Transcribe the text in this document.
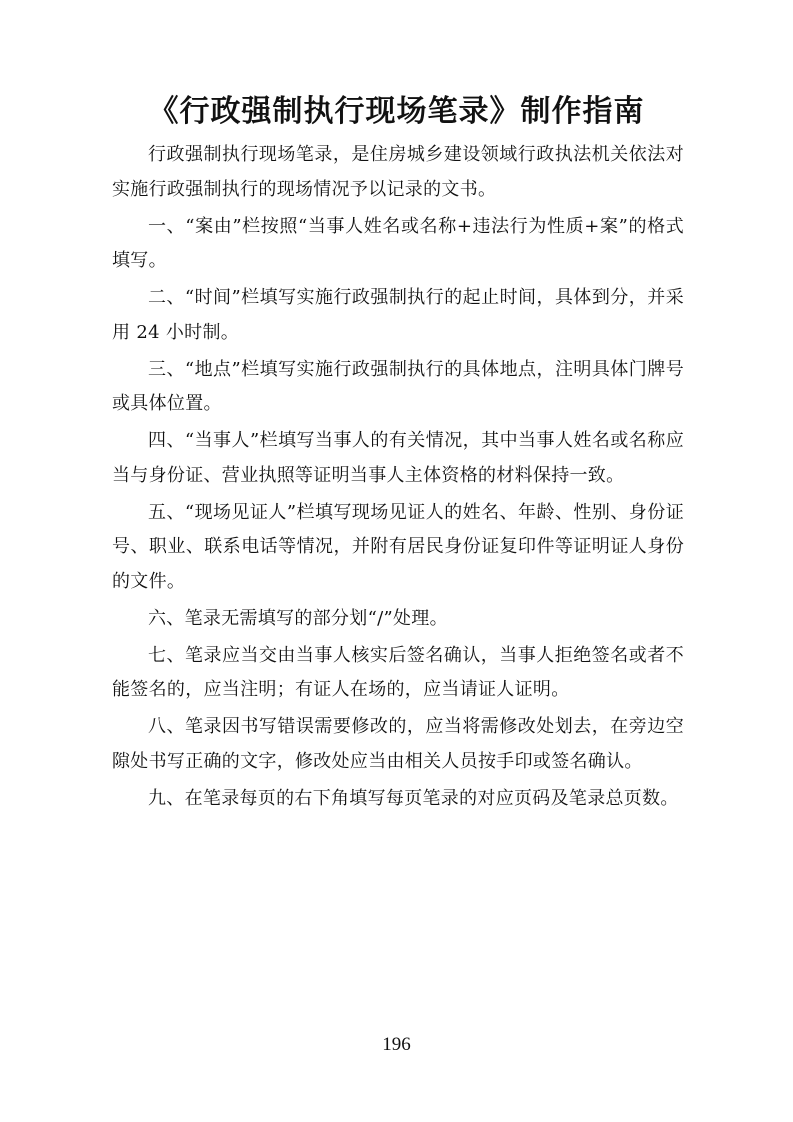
《行政强制执行现场笔录》制作指南

行政强制执行现场笔录，是住房城乡建设领域行政执法机关依法对实施行政强制执行的现场情况予以记录的文书。

一、“案由”栏按照“当事人姓名或名称+违法行为性质+案”的格式填写。

二、“时间”栏填写实施行政强制执行的起止时间，具体到分，并采用 24 小时制。

三、“地点”栏填写实施行政强制执行的具体地点，注明具体门牌号或具体位置。

四、“当事人”栏填写当事人的有关情况，其中当事人姓名或名称应当与身份证、营业执照等证明当事人主体资格的材料保持一致。

五、“现场见证人”栏填写现场见证人的姓名、年龄、性别、身份证号、职业、联系电话等情况，并附有居民身份证复印件等证明证人身份的文件。

六、笔录无需填写的部分划“/”处理。

七、笔录应当交由当事人核实后签名确认，当事人拒绝签名或者不能签名的，应当注明；有证人在场的，应当请证人证明。

八、笔录因书写错误需要修改的，应当将需修改处划去，在旁边空隙处书写正确的文字，修改处应当由相关人员按手印或签名确认。

九、在笔录每页的右下角填写每页笔录的对应页码及笔录总页数。

196
